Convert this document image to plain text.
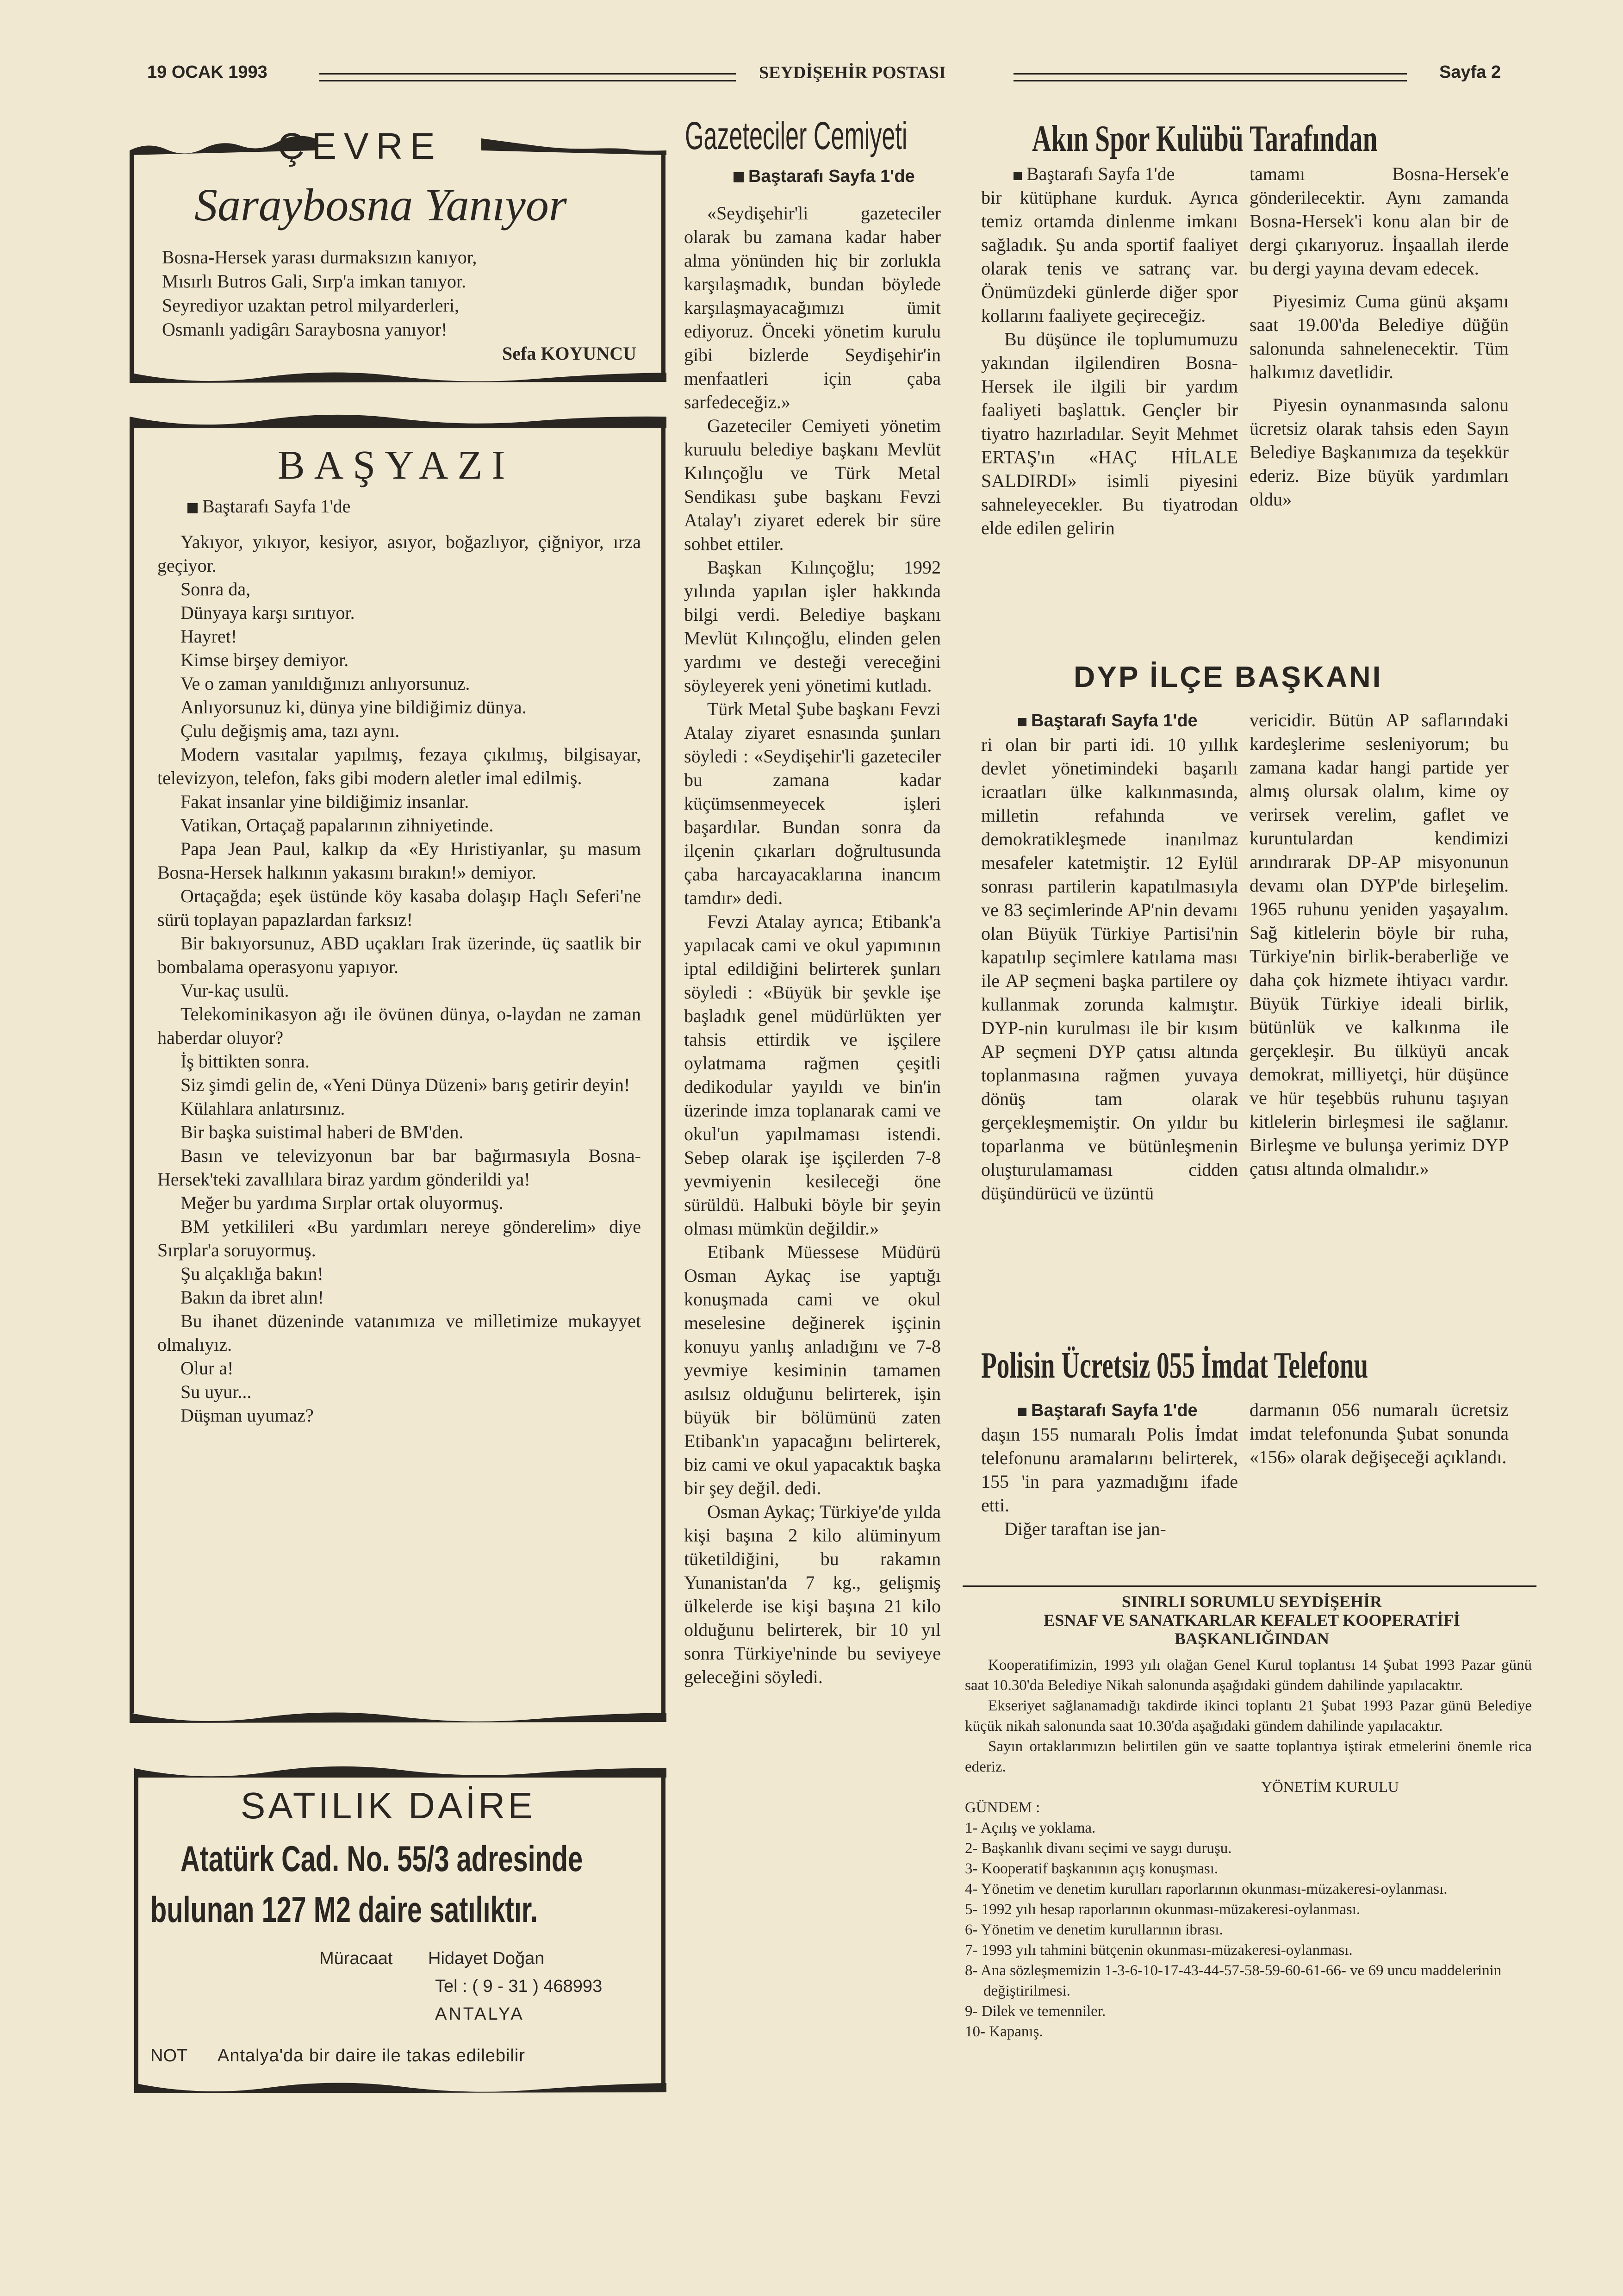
19 OCAK 1993	SEYDİŞEHİR POSTASI	Sayfa 2
ÇEVRE
Saraybosna Yanıyor
Bosna-Hersek yarası durmaksızın kanıyor,
Mısırlı Butros Gali, Sırp'a imkan tanıyor.
Seyrediyor uzaktan petrol milyarderleri,
Osmanlı yadigârı Saraybosna yanıyor!
Sefa KOYUNCU
BAŞYAZI
Baştarafı Sayfa 1'de
Yakıyor, yıkıyor, kesiyor, asıyor, boğazlıyor, çiğniyor, ırza geçiyor.
Sonra da,
Dünyaya karşı sırıtıyor.
Hayret!
Kimse birşey demiyor.
Ve o zaman yanıldığınızı anlıyorsunuz.
Anlıyorsunuz ki, dünya yine bildiğimiz dünya.
Çulu değişmiş ama, tazı aynı.
Modern vasıtalar yapılmış, fezaya çıkılmış, bilgisayar, televizyon, telefon, faks gibi modern aletler imal edilmiş.
Fakat insanlar yine bildiğimiz insanlar.
Vatikan, Ortaçağ papalarının zihniyetinde.
Papa Jean Paul, kalkıp da «Ey Hıristiyanlar, şu masum Bosna-Hersek halkının yakasını bırakın!» demiyor.
Ortaçağda; eşek üstünde köy kasaba dolaşıp Haçlı Seferi'ne sürü toplayan papazlardan farksız!
Bir bakıyorsunuz, ABD uçakları Irak üzerinde, üç saatlik bir bombalama operasyonu yapıyor.
Vur-kaç usulü.
Telekominikasyon ağı ile övünen dünya, o-laydan ne zaman haberdar oluyor?
İş bittikten sonra.
Siz şimdi gelin de, «Yeni Dünya Düzeni» barış getirir deyin!
Külahlara anlatırsınız.
Bir başka suistimal haberi de BM'den.
Basın ve televizyonun bar bar bağırmasıyla Bosna-Hersek'teki zavallılara biraz yardım gönderildi ya!
Meğer bu yardıma Sırplar ortak oluyormuş.
BM yetkilileri «Bu yardımları nereye gönderelim» diye Sırplar'a soruyormuş.
Şu alçaklığa bakın!
Bakın da ibret alın!
Bu ihanet düzeninde vatanımıza ve milletimize mukayyet olmalıyız.
Olur a!
Su uyur...
Düşman uyumaz?
SATILIK DAİRE
Atatürk Cad. No. 55/3 adresinde
bulunan 127 M2 daire satılıktır.
Müracaat Hidayet Doğan
Tel : ( 9 - 31 ) 468993
ANTALYA
NOT Antalya'da bir daire ile takas edilebilir
Gazeteciler Cemiyeti
Baştarafı Sayfa 1'de
«Seydişehir'li gazeteciler olarak bu zamana kadar haber alma yönünden hiç bir zorlukla karşılaşmadık, bundan böylede karşılaşmayacağımızı ümit ediyoruz. Önceki yönetim kurulu gibi bizlerde Seydişehir'in menfaatleri için çaba sarfedeceğiz.»
Gazeteciler Cemiyeti yönetim kuruulu belediye başkanı Mevlüt Kılınçoğlu ve Türk Metal Sendikası şube başkanı Fevzi Atalay'ı ziyaret ederek bir süre sohbet ettiler.
Başkan Kılınçoğlu; 1992 yılında yapılan işler hakkında bilgi verdi. Belediye başkanı Mevlüt Kılınçoğlu, elinden gelen yardımı ve desteği vereceğini söyleyerek yeni yönetimi kutladı.
Türk Metal Şube başkanı Fevzi Atalay ziyaret esnasında şunları söyledi : «Seydişehir'li gazeteciler bu zamana kadar küçümsenmeyecek işleri başardılar. Bundan sonra da ilçenin çıkarları doğrultusunda çaba harcayacaklarına inancım tamdır» dedi.
Fevzi Atalay ayrıca; Etibank'a yapılacak cami ve okul yapımının iptal edildiğini belirterek şunları söyledi : «Büyük bir şevkle işe başladık genel müdürlükten yer tahsis ettirdik ve işçilere oylatmama rağmen çeşitli dedikodular yayıldı ve bin'in üzerinde imza toplanarak cami ve okul'un yapılmaması istendi. Sebep olarak işe işçilerden 7-8 yevmiyenin kesileceği öne sürüldü. Halbuki böyle bir şeyin olması mümkün değildir.»
Etibank Müessese Müdürü Osman Aykaç ise yaptığı konuşmada cami ve okul meselesine değinerek işçinin konuyu yanlış anladığını ve 7-8 yevmiye kesiminin tamamen asılsız olduğunu belirterek, işin büyük bir bölümünü zaten Etibank'ın yapacağını belirterek, biz cami ve okul yapacaktık başka bir şey değil. dedi.
Osman Aykaç; Türkiye'de yılda kişi başına 2 kilo alüminyum tüketildiğini, bu rakamın Yunanistan'da 7 kg., gelişmiş ülkelerde ise kişi başına 21 kilo olduğunu belirterek, bir 10 yıl sonra Türkiye'ninde bu seviyeye geleceğini söyledi.
Akın Spor Kulübü Tarafından
Baştarafı Sayfa 1'de
bir kütüphane kurduk. Ayrıca temiz ortamda dinlenme imkanı sağladık. Şu anda sportif faaliyet olarak tenis ve satranç var. Önümüzdeki günlerde diğer spor kollarını faaliyete geçireceğiz.
Bu düşünce ile toplumumuzu yakından ilgilendiren Bosna-Hersek ile ilgili bir yardım faaliyeti başlattık. Gençler bir tiyatro hazırladılar. Seyit Mehmet ERTAŞ'ın «HAÇ HİLALE SALDIRDI» isimli piyesini sahneleyecekler. Bu tiyatrodan elde edilen gelirin
tamamı Bosna-Hersek'e gönderilecektir. Aynı zamanda Bosna-Hersek'i konu alan bir de dergi çıkarıyoruz. İnşaallah ilerde bu dergi yayına devam edecek.
Piyesimiz Cuma günü akşamı saat 19.00'da Belediye düğün salonunda sahnelenecektir. Tüm halkımız davetlidir.
Piyesin oynanmasında salonu ücretsiz olarak tahsis eden Sayın Belediye Başkanımıza da teşekkür ederiz. Bize büyük yardımları oldu»
DYP İLÇE BAŞKANI
Baştarafı Sayfa 1'de
ri olan bir parti idi. 10 yıllık devlet yönetimindeki başarılı icraatları ülke kalkınmasında, milletin refahında ve demokratikleşmede inanılmaz mesafeler katetmiştir. 12 Eylül sonrası partilerin kapatılmasıyla ve 83 seçimlerinde AP'nin devamı olan Büyük Türkiye Partisi'nin kapatılıp seçimlere katılama ması ile AP seçmeni başka partilere oy kullanmak zorunda kalmıştır. DYP-nin kurulması ile bir kısım AP seçmeni DYP çatısı altında toplanmasına rağmen yuvaya dönüş tam olarak gerçekleşmemiştir. On yıldır bu toparlanma ve bütünleşmenin oluşturulamaması cidden düşündürücü ve üzüntü
vericidir. Bütün AP saflarındaki kardeşlerime sesleniyorum; bu zamana kadar hangi partide yer almış olursak olalım, kime oy verirsek verelim, gaflet ve kuruntulardan kendimizi arındırarak DP-AP misyonunun devamı olan DYP'de birleşelim. 1965 ruhunu yeniden yaşayalım. Sağ kitlelerin böyle bir ruha, Türkiye'nin birlik-beraberliğe ve daha çok hizmete ihtiyacı vardır. Büyük Türkiye ideali birlik, bütünlük ve kalkınma ile gerçekleşir. Bu ülküyü ancak demokrat, milliyetçi, hür düşünce ve hür teşebbüs ruhunu taşıyan kitlelerin birleşmesi ile sağlanır. Birleşme ve bulunşa yerimiz DYP çatısı altında olmalıdır.»
Polisin Ücretsiz 055 İmdat Telefonu
Baştarafı Sayfa 1'de
daşın 155 numaralı Polis İmdat telefonunu aramalarını belirterek, 155 'in para yazmadığını ifade etti.
Diğer taraftan ise jan-
darmanın 056 numaralı ücretsiz imdat telefonunda Şubat sonunda «156» olarak değişeceği açıklandı.
SINIRLI SORUMLU SEYDİŞEHİR
ESNAF VE SANATKARLAR KEFALET KOOPERATİFİ
BAŞKANLIĞINDAN
Kooperatifimizin, 1993 yılı olağan Genel Kurul toplantısı 14 Şubat 1993 Pazar günü saat 10.30'da Belediye Nikah salonunda aşağıdaki gündem dahilinde yapılacaktır.
Ekseriyet sağlanamadığı takdirde ikinci toplantı 21 Şubat 1993 Pazar günü Belediye küçük nikah salonunda saat 10.30'da aşağıdaki gündem dahilinde yapılacaktır.
Sayın ortaklarımızın belirtilen gün ve saatte toplantıya iştirak etmelerini önemle rica ederiz.
YÖNETİM KURULU
GÜNDEM :
1- Açılış ve yoklama.
2- Başkanlık divanı seçimi ve saygı duruşu.
3- Kooperatif başkanının açış konuşması.
4- Yönetim ve denetim kurulları raporlarının okunması-müzakeresi-oylanması.
5- 1992 yılı hesap raporlarının okunması-müzakeresi-oylanması.
6- Yönetim ve denetim kurullarının ibrası.
7- 1993 yılı tahmini bütçenin okunması-müzakeresi-oylanması.
8- Ana sözleşmemizin 1-3-6-10-17-43-44-57-58-59-60-61-66- ve 69 uncu maddelerinin değiştirilmesi.
9- Dilek ve temenniler.
10- Kapanış.
